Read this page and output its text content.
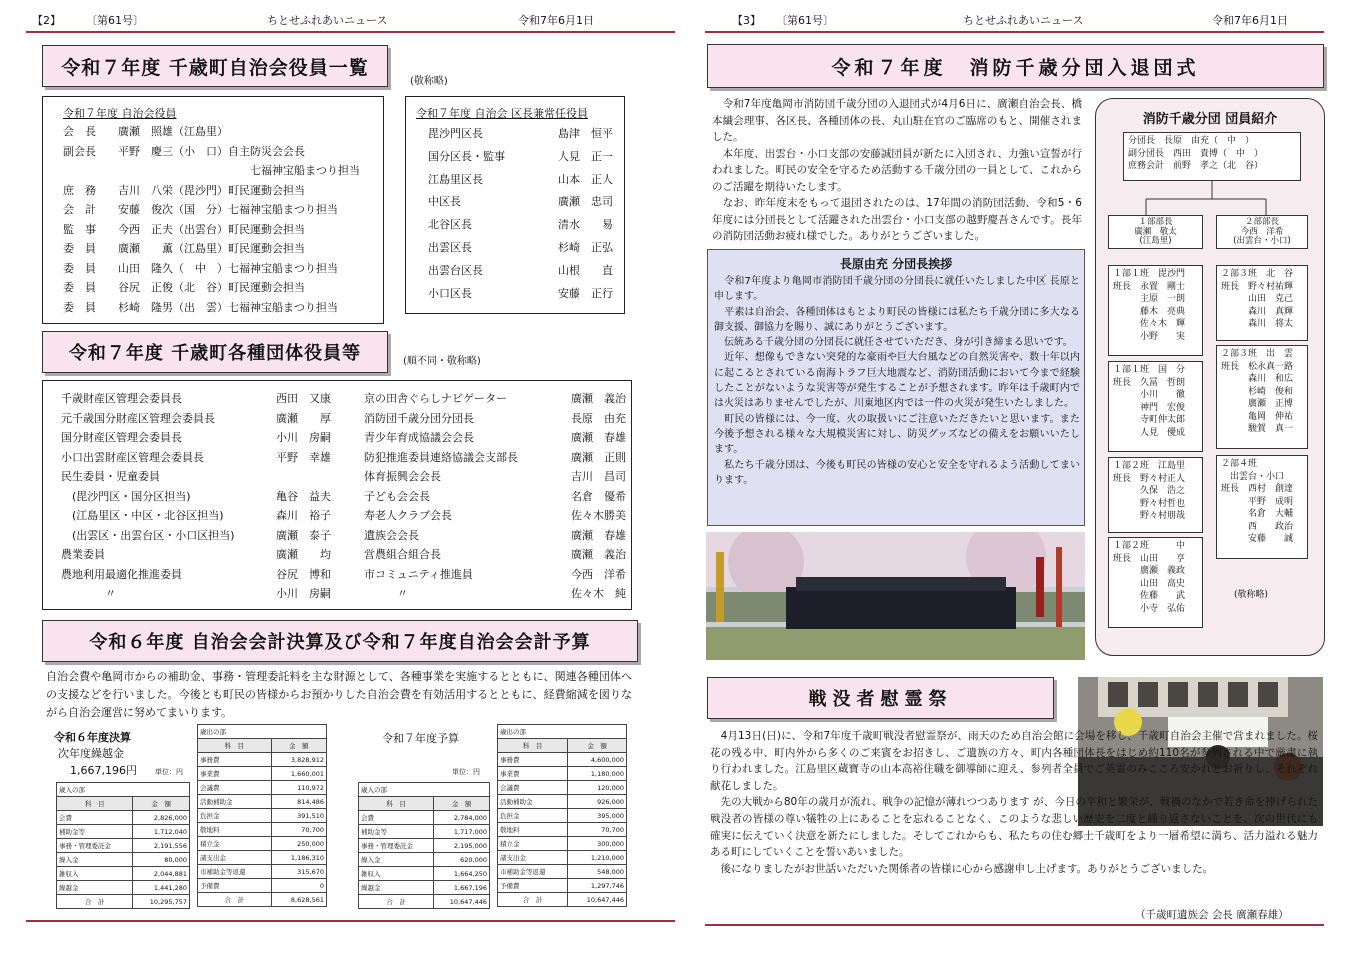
【2】 〔第61号〕	ちとせふれあいニュース	令和7年6月1日	【3】 〔第61号〕	ちとせふれあいニュース	令和7年6月1日
令和７年度 千歳町自治会役員一覧
(敬称略)
令和７年度 自治会役員
会　長　　廣瀬　照雄（江島里）
副会長　　平野　慶三（小　口）自主防災会会長
　　　　　　　　　　　　　　　　　七福神宝船まつり担当
庶　務　　吉川　八栄（毘沙門）町民運動会担当
会　計　　安藤　俊次（国　分）七福神宝船まつり担当
監　事　　今西　正夫（出雲台）町民運動会担当
委　員　　廣瀬　　薫（江島里）町民運動会担当
委　員　　山田　隆久（　中　）七福神宝船まつり担当
委　員　　谷尻　正俊（北　谷）町民運動会担当
委　員　　杉崎　隆男（出　雲）七福神宝船まつり担当
令和７年度 自治会 区長兼常任役員
毘沙門区長	島津　恒平
国分区長・監事	人見　正一
江島里区長	山本　正人
中区長	廣瀬　忠司
北谷区長	清水　　易
出雲区長	杉崎　正弘
出雲台区長	山根　　直
小口区長	安藤　正行
令和７年度 千歳町各種団体役員等	(順不同・敬称略)
千歳財産区管理会委員長	西田　又康
元千歳国分財産区管理会委員長	廣瀬　　厚
国分財産区管理会委員長	小川　房嗣
小口出雲財産区管理会委員長	平野　幸雄
民生委員・児童委員
　(毘沙門区・国分区担当)	亀谷　益夫
　(江島里区・中区・北谷区担当)	森川　裕子
　(出雲区・出雲台区・小口区担当)	廣瀬　泰子
農業委員	廣瀬　　均
農地利用最適化推進委員	谷尻　博和
　　　　〃	小川　房嗣
京の田舎ぐらしナビゲーター	廣瀬　義治
消防団千歳分団分団長	長原　由充
青少年育成協議会会長	廣瀬　春雄
防犯推進委員連絡協議会支部長	廣瀬　正則
体育振興会会長	吉川　昌司
子ども会会長	名倉　優希
寿老人クラブ会長	佐々木勝美
遺族会会長	廣瀬　春雄
営農組合組合長	廣瀬　義治
市コミュニティ推進員	今西　洋希
　　　〃	佐々木　純
令和６年度 自治会会計決算及び令和７年度自治会会計予算
自治会費や亀岡市からの補助金、事務・管理委託料を主な財源として、各種事業を実施するとともに、関連各種団体への支援などを行いました。今後とも町民の皆様からお預かりした自治会費を有効活用するとともに、経費縮減を図りながら自治会運営に努めてまいります。
令和６年度決算
次年度繰越金
1,667,196円	単位：円
令和７年度予算
単位：円
歳入の部	
科　目	金　額
会費	2,826,000
補助金等	1,712,040
事務・管理委託金	2,191,556
繰入金	80,000
雑収入	2,044,881
繰越金	1,441,280
合　計	10,295,757
歳出の部	
科　目	金　額
事務費	3,828,912
事業費	1,660,001
会議費	110,972
活動補助金	814,486
負担金	391,510
敬地料	70,700
積立金	250,000
諸支出金	1,186,310
市補助金等返還	315,670
予備費	0
合　計	8,628,561
歳入の部	
科　目	金　額
会費	2,784,000
補助金等	1,717,000
事務・管理委託金	2,195,000
繰入金	620,000
雑収入	1,664,250
繰越金	1,667,196
合　計	10,647,446
歳出の部	
科　目	金　額
事務費	4,600,000
事業費	1,180,000
会議費	120,000
活動補助金	926,000
負担金	395,000
敬地料	70,700
積立金	300,000
諸支出金	1,210,000
市補助金等返還	548,000
予備費	1,297,746
合　計	10,647,446
令和７年度　消防千歳分団入退団式
　令和7年度亀岡市消防団千歳分団の入退団式が4月6日に、廣瀬自治会長、橋本繊会理事、各区長、各種団体の長、丸山駐在官のご臨席のもと、開催されました。
　本年度、出雲台・小口支部の安藤誠団員が新たに入団され、力強い宣誓が行われました。町民の安全を守るため活動する千歳分団の一員として、これからのご活躍を期待いたします。
　なお、昨年度末をもって退団されたのは、17年間の消防団活動、令和5・6年度には分団長として活躍された出雲台・小口支部の越野慶吾さんです。長年の消防団活動お疲れ様でした。ありがとうございました。
長原由充 分団長挨拶
　令和7年度より亀岡市消防団千歳分団の分団長に就任いたしました中区 長原と申します。
　平素は自治会、各種団体はもとより町民の皆様には私たち千歳分団に多大なる御支援、御協力を賜り、誠にありがとうございます。
　伝統ある千歳分団の分団長に就任させていただき、身が引き締まる思いです。
　近年、想像もできない突発的な豪雨や巨大台風などの自然災害や、数十年以内に起こるとされている南海トラフ巨大地震など、消防団活動において今まで経験したことがないような災害等が発生することが予想されます。昨年は千歳町内では火災はありませんでしたが、川東地区内では一件の火災が発生いたしました。
　町民の皆様には、今一度、火の取扱いにご注意いただきたいと思います。また今後予想される様々な大規模災害に対し、防災グッズなどの備えをお願いいたします。
　私たち千歳分団は、今後も町民の皆様の安心と安全を守れるよう活動してまいります。
消防千歳分団 団員紹介
分団長　長原　由充（　中　）
副分団長　西田　貴博（　中　）
庶務会計　前野　孝之（北　谷）
１部部長
廣瀬　敬太
(江島里)
２部部長
今西　洋希
(出雲台・小口)
１部１班　毘沙門
班長　永置　剛士
　　　主原　一朗
　　　藤木　亮典
　　　佐々木　輝
　　　小野　　実
１部１班　国　分
班長　久冨　哲朗
　　　小川　　徹
　　　神門　宏俊
　　　寺町仲太郎
　　　人見　優成
１部２班　江島里
班長　野々村正人
　　　久保　浩之
　　　野々村哲也
　　　野々村朋哉
１部２班　　　中
班長　山田　　亨
　　　廣瀬　義政
　　　山田　高史
　　　佐藤　　武
　　　小寺　弘佑
２部３班　北　谷
班長　野々村祐輝
　　　山田　克己
　　　森川　真輝
　　　森川　将太
２部３班　出　雲
班長　松永真一路
　　　森川　和広
　　　杉崎　俊和
　　　廣瀬　正博
　　　亀岡　伸祐
　　　駿賀　真一
２部４班
　出雲台・小口
班長　西村　創達
　　　平野　成明
　　　名倉　大輔
　　　西　　政治
　　　安藤　　誠
(敬称略)
戦没者慰霊祭
　4月13日(日)に、令和7年度千歳町戦没者慰霊祭が、雨天のため自治会館に会場を移し、千歳町自治会主催で営まれました。桜花の残る中、町内外から多くのご来賓をお招きし、ご遺族の方々、町内各種団体長をはじめ約110名が参列される中で厳粛に執り行われました。江島里区蔵寶寺の山本高裕住職を御導師に迎え、参列者全員でご英霊のみこころ安かれとお祈りし、それぞれ献花しました。
　先の大戦から80年の歳月が流れ、戦争の記憶が薄れつつあります が、今日の平和と繁栄が、戦禍のなかで若き命を捧げられた戦没者の皆様の尊い犠牲の上にあることを忘れることなく、このような悲しい歴史を二度と繰り返さないことを、次の世代にも確実に伝えていく決意を新たにしました。そしてこれからも、私たちの住む郷土千歳町をより一層希望に満ち、活力溢れる魅力ある町にしていくことを誓いあいました。
　後になりましたがお世話いただいた関係者の皆様に心から感謝申し上げます。ありがとうございました。
（千歳町遺族会 会長 廣瀬春雄）
